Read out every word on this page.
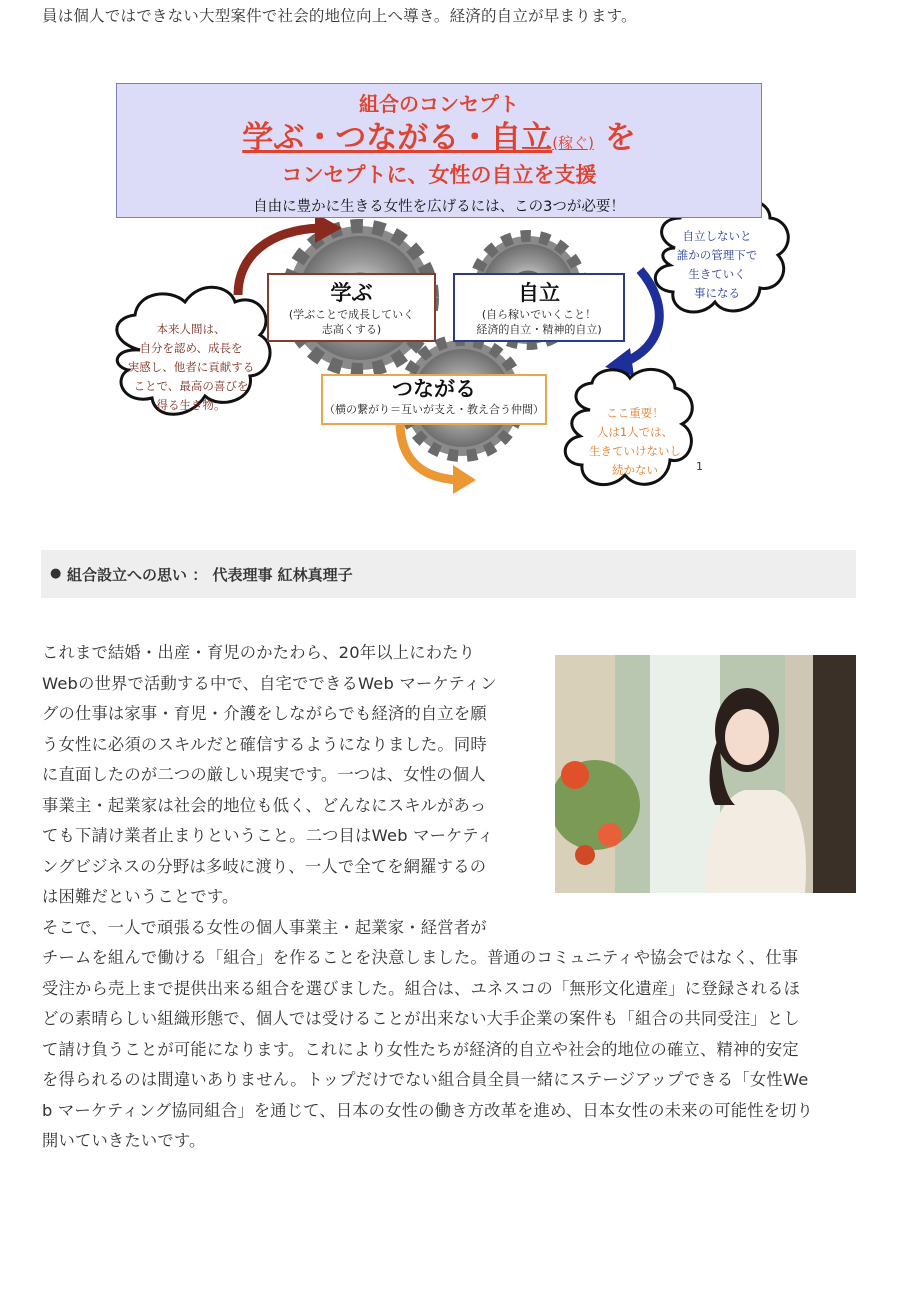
員は個人ではできない大型案件で社会的地位向上へ導き。経済的自立が早まります。
組合のコンセプト
学ぶ・つながる・自立(稼ぐ) を
コンセプトに、女性の自立を支援
自由に豊かに生きる女性を広げるには、この3つが必要！
学ぶ
(学ぶことで成長していく
志高くする)
自立
(自ら稼いでいくこと！
経済的自立・精神的自立)
つながる
（横の繋がり＝互いが支え・教え合う仲間）
本来人間は、
自分を認め、成長を
実感し、他者に貢献する
ことで、最高の喜びを
得る生き物。
自立しないと
誰かの管理下で
生きていく
事になる
ここ重要！
人は1人では、
生きていけないし
続かない	1
● 組合設立への思い ： 代表理事 紅林真理子

これまで結婚・出産・育児のかたわら、20年以上にわたり

Webの世界で活動する中で、自宅でできるWeb マーケティン

グの仕事は家事・育児・介護をしながらでも経済的自立を願

う女性に必須のスキルだと確信するようになりました。同時

に直面したのが二つの厳しい現実です。一つは、女性の個人

事業主・起業家は社会的地位も低く、どんなにスキルがあっ

ても下請け業者止まりということ。二つ目はWeb マーケティ

ングビジネスの分野は多岐に渡り、一人で全てを網羅するの

は困難だということです。

そこで、一人で頑張る女性の個人事業主・起業家・経営者が

チームを組んで働ける「組合」を作ることを決意しました。普通のコミュニティや協会ではなく、仕事

受注から売上まで提供出来る組合を選びました。組合は、ユネスコの「無形文化遺産」に登録されるほ

どの素晴らしい組織形態で、個人では受けることが出来ない大手企業の案件も「組合の共同受注」とし

て請け負うことが可能になります。これにより女性たちが経済的自立や社会的地位の確立、精神的安定

を得られるのは間違いありません。トップだけでない組合員全員一緒にステージアップできる「女性We

b マーケティング協同組合」を通じて、日本の女性の働き方改革を進め、日本女性の未来の可能性を切り

開いていきたいです。
